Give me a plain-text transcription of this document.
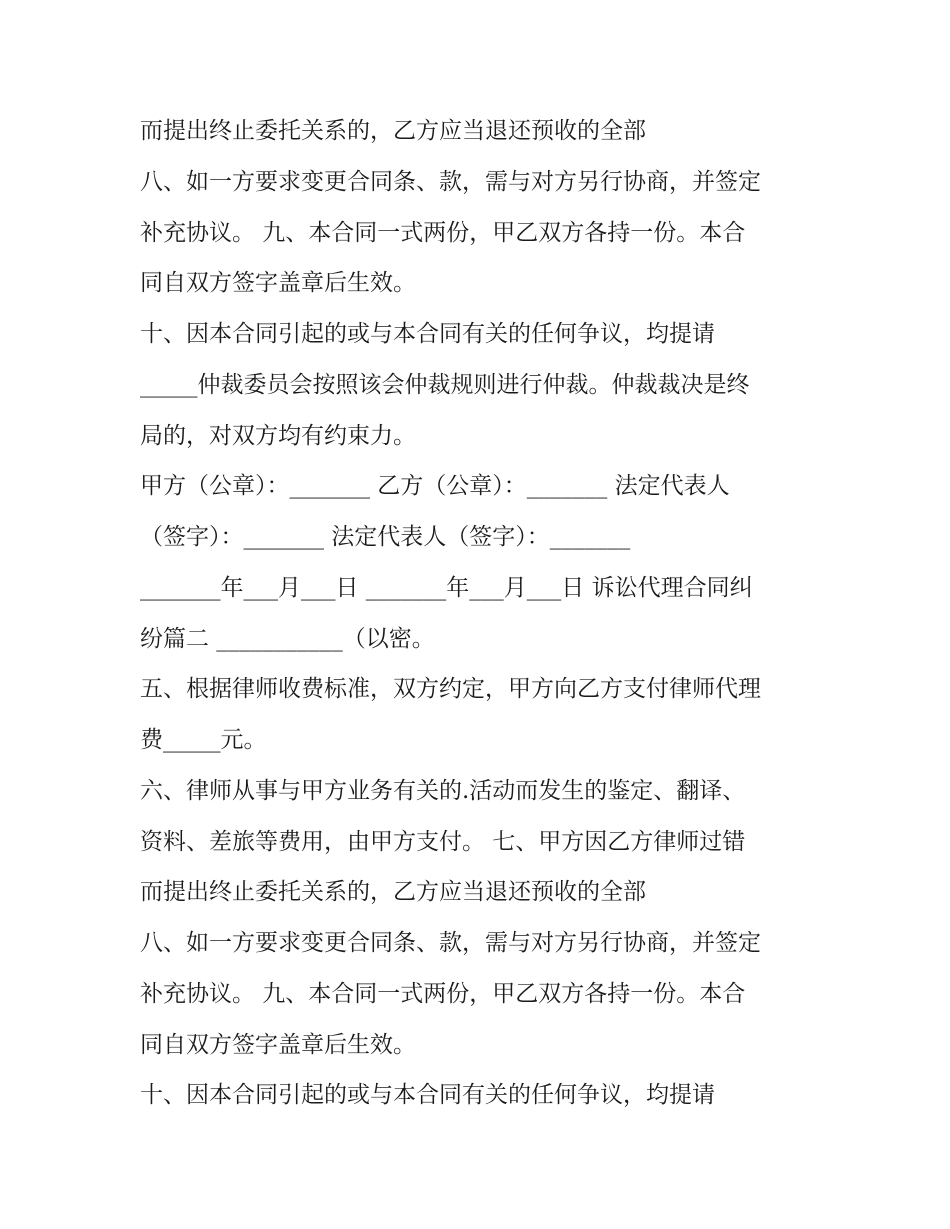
而提出终止委托关系的，乙方应当退还预收的全部
八、如一方要求变更合同条、款，需与对方另行协商，并签定
补充协议。 九、本合同一式两份，甲乙双方各持一份。本合
同自双方签字盖章后生效。
十、因本合同引起的或与本合同有关的任何争议，均提请
_____仲裁委员会按照该会仲裁规则进行仲裁。仲裁裁决是终
局的，对双方均有约束力。
甲方（公章）：_______ 乙方（公章）：_______ 法定代表人
（签字）：_______ 法定代表人（签字）：_______
_______年___月___日 _______年___月___日 诉讼代理合同纠
纷篇二 ___________（以密。
五、根据律师收费标准，双方约定，甲方向乙方支付律师代理
费_____元。
六、律师从事与甲方业务有关的.活动而发生的鉴定、翻译、
资料、差旅等费用，由甲方支付。 七、甲方因乙方律师过错
而提出终止委托关系的，乙方应当退还预收的全部
八、如一方要求变更合同条、款，需与对方另行协商，并签定
补充协议。 九、本合同一式两份，甲乙双方各持一份。本合
同自双方签字盖章后生效。
十、因本合同引起的或与本合同有关的任何争议，均提请
